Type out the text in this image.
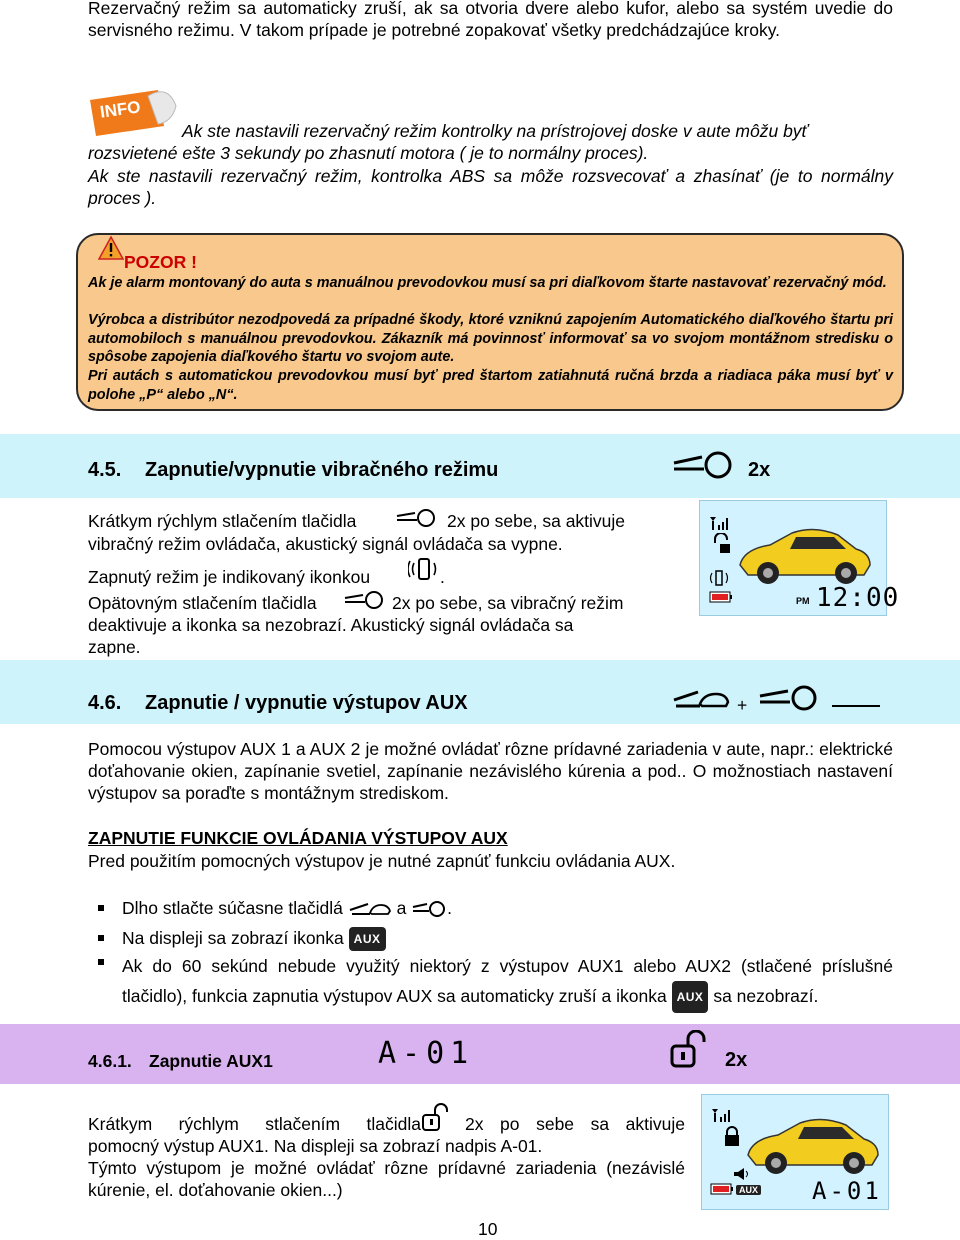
Rezervačný režim sa automaticky zruší, ak sa otvoria dvere alebo kufor, alebo sa systém uvedie do servisného režimu. V takom prípade je potrebné zopakovať všetky predchádzajúce kroky.

INFO

Ak ste nastavili rezervačný režim kontrolky na prístrojovej doske v aute môžu byť rozsvietené ešte 3 sekundy po zhasnutí motora ( je to normálny proces).

Ak ste nastavili rezervačný režim, kontrolka ABS sa môže rozsvecovať a zhasínať (je to normálny proces ).

POZOR !
Ak je alarm montovaný do auta s manuálnou prevodovkou musí sa pri diaľkovom štarte nastavovať rezervačný mód.
Výrobca a distribútor nezodpovedá za prípadné škody, ktoré vzniknú zapojením Automatického diaľkového štartu pri automobiloch s manuálnou prevodovkou. Zákazník má povinnosť informovať sa vo svojom montážnom stredisku o spôsobe zapojenia diaľkového štartu vo svojom aute.
Pri autách s automatickou prevodovkou musí byť pred štartom zatiahnutá ručná brzda a riadiaca páka musí byť v polohe „P“ alebo „N“.
4.5. Zapnutie/vypnutie vibračného režimu	2x
Krátkym rýchlym stlačením tlačidla	2x po sebe, sa aktivuje
vibračný režim ovládača, akustický signál ovládača sa vypne.
Zapnutý režim je indikovaný ikonkou	.
Opätovným stlačením tlačidla	2x po sebe, sa vibračný režim
deaktivuje a ikonka sa nezobrazí. Akustický signál ovládača sa
zapne.
PM 12:00
4.6. Zapnutie / vypnutie výstupov AUX	+

Pomocou výstupov AUX 1 a AUX 2 je možné ovládať rôzne prídavné zariadenia v aute, napr.: elektrické doťahovanie okien, zapínanie svetiel, zapínanie nezávislého kúrenia a pod.. O možnostiach nastavení výstupov sa poraďte s montážnym strediskom.

ZAPNUTIE FUNKCIE OVLÁDANIA VÝSTUPOV AUX
Pred použitím pomocných výstupov je nutné zapnúť funkciu ovládania AUX.
Dlho stlačte súčasne tlačidlá	a .
Na displeji sa zobrazí ikonka AUX
Ak do 60 sekúnd nebude využitý niektorý z výstupov AUX1 alebo AUX2 (stlačené príslušné tlačidlo), funkcia zapnutia výstupov AUX sa automaticky zruší a ikonka AUX sa nezobrazí.
4.6.1. Zapnutie AUX1	A-01	2x
Krátkym rýchlym stlačením tlačidla	2x po sebe sa aktivuje
pomocný výstup AUX1. Na displeji sa zobrazí nadpis A-01.

Týmto výstupom je možné ovládať rôzne prídavné zariadenia (nezávislé kúrenie, el. doťahovanie okien...)	AUX A-01
10
